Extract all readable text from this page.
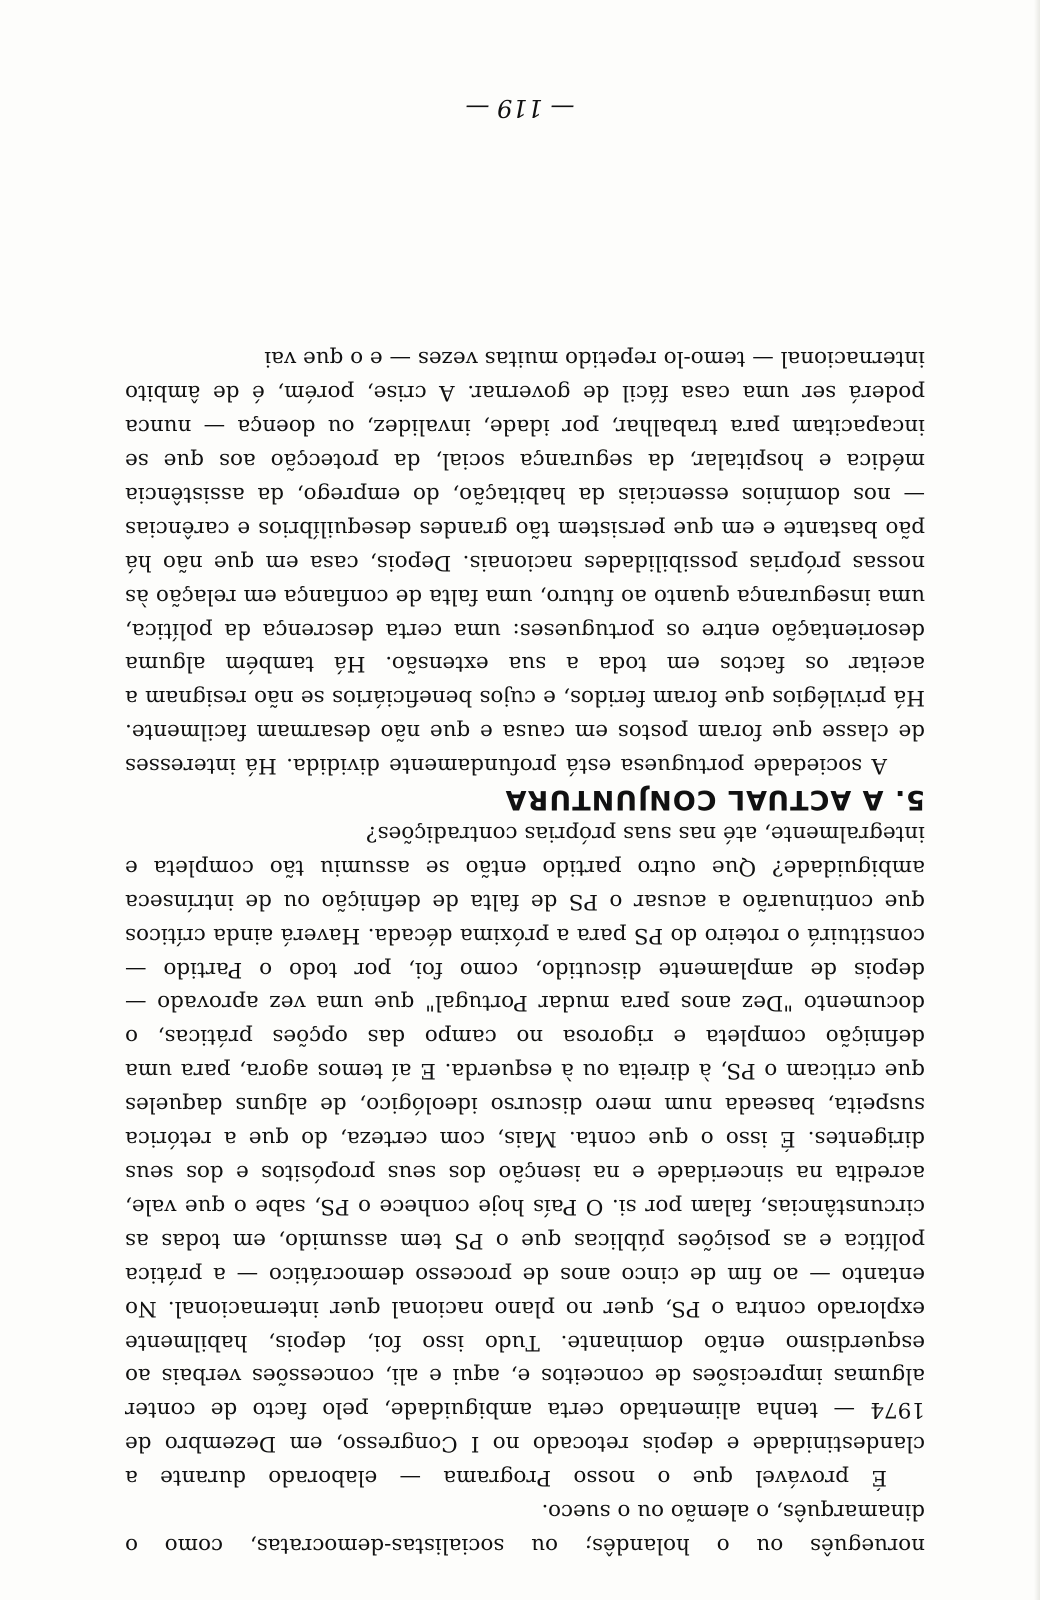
norueguês ou o holandês; ou socialistas-democratas, como o dinamarquês, o alemão ou o sueco.

É provável que o nosso Programa — elaborado durante a clandestinidade e depois retocado no I Congresso, em Dezembro de 1974 — tenha alimentado certa ambiguidade, pelo facto de conter algumas imprecisões de conceitos e, aqui e ali, concessões verbais ao esquerdismo então dominante. Tudo isso foi, depois, habilmente explorado contra o PS, quer no plano nacional quer internacional. No entanto — ao fim de cinco anos de processo democrático — a prática política e as posições públicas que o PS tem assumido, em todas as circunstâncias, falam por si. O País hoje conhece o PS, sabe o que vale, acredita na sinceridade e na isenção dos seus propósitos e dos seus dirigentes. É isso o que conta. Mais, com certeza, do que a retórica suspeita, baseada num mero discurso ideológico, de alguns daqueles que criticam o PS, à direita ou à esquerda. E aí temos agora, para uma definição completa e rigorosa no campo das opções práticas, o documento "Dez anos para mudar Portugal" que uma vez aprovado — depois de amplamente discutido, como foi, por todo o Partido — constituirá o roteiro do PS para a próxima década. Haverá ainda críticos que continuarão a acusar o PS de falta de definição ou de intrínseca ambiguidade? Que outro partido então se assumiu tão completa e integralmente, até nas suas próprias contradições?

5. A ACTUAL CONJUNTURA

A sociedade portuguesa está profundamente dividida. Há interesses de classe que foram postos em causa e que não desarmam facilmente. Há privilégios que foram feridos, e cujos beneficiários se não resignam a aceitar os factos em toda a sua extensão. Há também alguma desorientação entre os portugueses: uma certa descrença da política, uma insegurança quanto ao futuro, uma falta de confiança em relação às nossas próprias possibilidades nacionais. Depois, casa em que não há pão bastante e em que persistem tão grandes desequilíbrios e carências — nos domínios essenciais da habitação, do emprego, da assistência médica e hospitalar, da segurança social, da protecção aos que se incapacitam para trabalhar, por idade, invalidez, ou doença — nunca poderá ser uma casa fácil de governar. A crise, porém, é de âmbito internacional — temo-lo repetido muitas vezes — e o que vai

— 119 —
